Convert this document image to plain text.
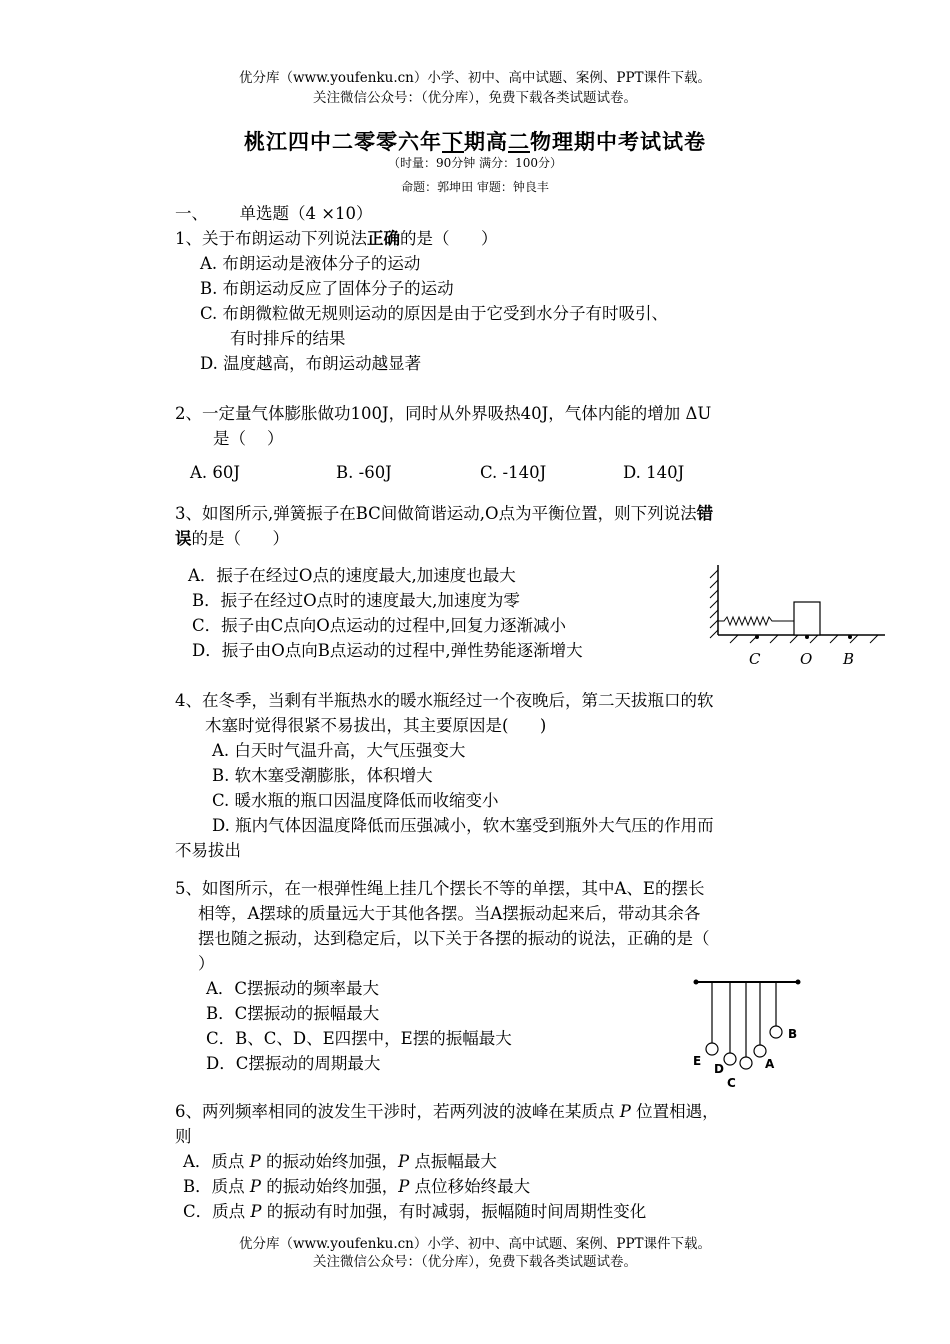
优分库（www.youfenku.cn）小学、初中、高中试题、案例、PPT课件下载。
关注微信公众号：（优分库），免费下载各类试题试卷。
桃江四中二零零六年下期高二物理期中考试试卷
（时量：90分钟 满分：100分）
命题：郭坤田 审题：钟良丰
一、      单选题（4 ×10）
1、关于布朗运动下列说法正确的是（      ）
A. 布朗运动是液体分子的运动
B. 布朗运动反应了固体分子的运动
C. 布朗微粒做无规则运动的原因是由于它受到水分子有时吸引、
有时排斥的结果
D. 温度越高，布朗运动越显著
2、一定量气体膨胀做功100J，同时从外界吸热40J，气体内能的增加 ΔU
是（    ）
A. 60J	B. -60J	C. -140J	D. 140J
3、如图所示,弹簧振子在BC间做简谐运动,O点为平衡位置，则下列说法错
误的是（      ）
A．振子在经过O点的速度最大,加速度也最大
B．振子在经过O点时的速度最大,加速度为零
C．振子由C点向O点运动的过程中,回复力逐渐减小
D．振子由O点向B点运动的过程中,弹性势能逐渐增大	C	O B
4、在冬季，当剩有半瓶热水的暖水瓶经过一个夜晚后，第二天拔瓶口的软
木塞时觉得很紧不易拔出，其主要原因是(      )
A. 白天时气温升高，大气压强变大
B. 软木塞受潮膨胀，体积增大
C. 暖水瓶的瓶口因温度降低而收缩变小
D. 瓶内气体因温度降低而压强减小，软木塞受到瓶外大气压的作用而
不易拔出
5、如图所示，在一根弹性绳上挂几个摆长不等的单摆，其中A、E的摆长
相等，A摆球的质量远大于其他各摆。当A摆振动起来后，带动其余各
摆也随之振动，达到稳定后，以下关于各摆的振动的说法，正确的是（
）
A．C摆振动的频率最大
B．C摆振动的振幅最大
C．B、C、D、E四摆中，E摆的振幅最大
D．C摆振动的周期最大	E
D
C
A
B
6、两列频率相同的波发生干涉时，若两列波的波峰在某质点 P 位置相遇，
则
A．质点 P 的振动始终加强，P 点振幅最大
B．质点 P 的振动始终加强，P 点位移始终最大
C．质点 P 的振动有时加强，有时减弱，振幅随时间周期性变化
优分库（www.youfenku.cn）小学、初中、高中试题、案例、PPT课件下载。
关注微信公众号：（优分库），免费下载各类试题试卷。
